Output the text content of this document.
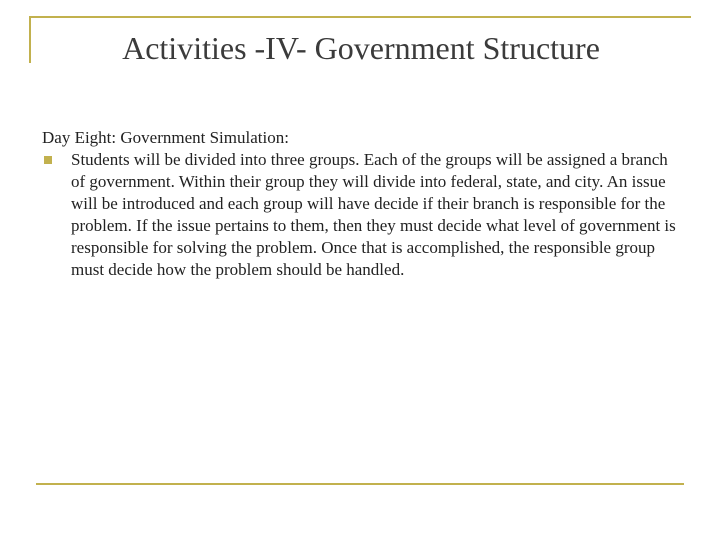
Activities -IV- Government Structure

Day Eight: Government Simulation:

Students will be divided into three groups. Each of the groups will be assigned a branch of government. Within their group they will divide into federal, state, and city. An issue will be introduced and each group will have decide if their branch is responsible for the problem. If the issue pertains to them, then they must decide what level of government is responsible for solving the problem. Once that is accomplished, the responsible group must decide how the problem should be handled.
